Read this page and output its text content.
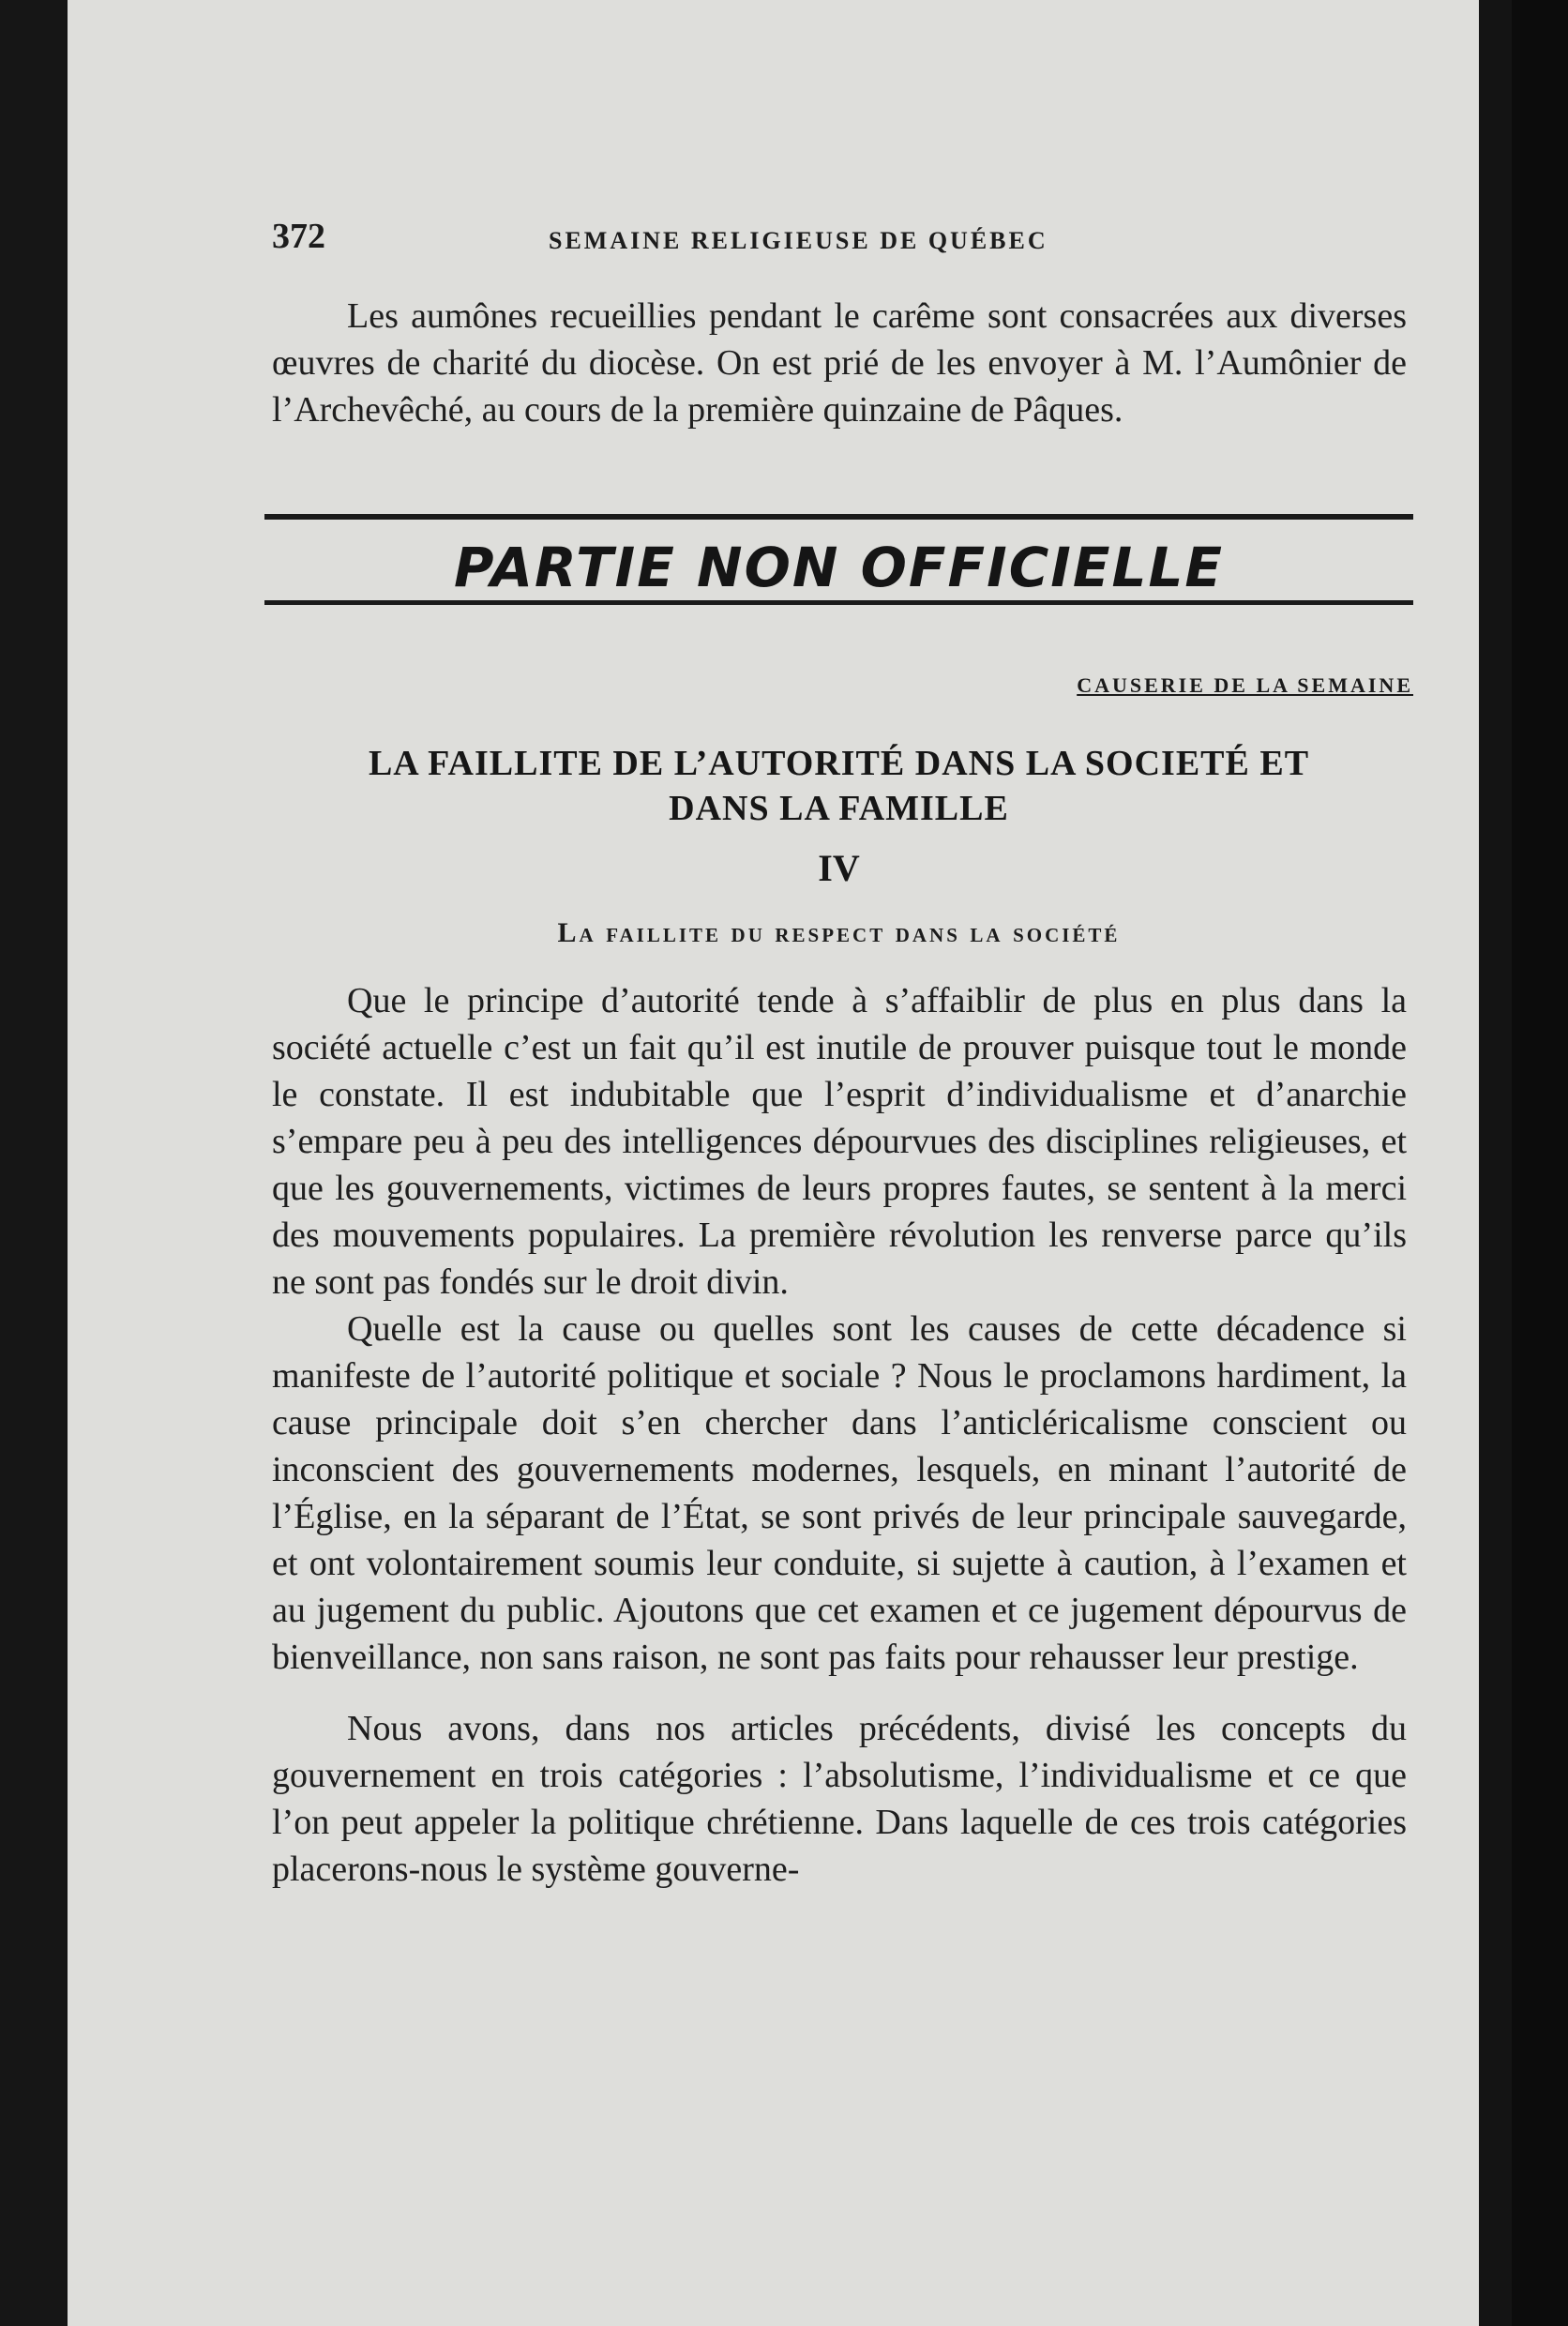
372	SEMAINE RELIGIEUSE DE QUÉBEC

Les aumônes recueillies pendant le carême sont consacrées aux diverses œuvres de charité du diocèse. On est prié de les envoyer à M. l’Aumônier de l’Archevêché, au cours de la première quinzaine de Pâques.

PARTIE NON OFFICIELLE
CAUSERIE DE LA SEMAINE
LA FAILLITE DE L’AUTORITÉ DANS LA SOCIETÉ ET
DANS LA FAMILLE
IV
La faillite du respect dans la société

Que le principe d’autorité tende à s’affaiblir de plus en plus dans la société actuelle c’est un fait qu’il est inutile de prouver puisque tout le monde le constate. Il est indubitable que l’esprit d’individualisme et d’anarchie s’empare peu à peu des intelligences dépourvues des disciplines religieuses, et que les gouvernements, victimes de leurs propres fautes, se sentent à la merci des mouvements populaires. La première révolution les renverse parce qu’ils ne sont pas fondés sur le droit divin.

Quelle est la cause ou quelles sont les causes de cette décadence si manifeste de l’autorité politique et sociale ? Nous le proclamons hardiment, la cause principale doit s’en chercher dans l’anticléricalisme conscient ou inconscient des gouvernements modernes, lesquels, en minant l’autorité de l’Église, en la séparant de l’État, se sont privés de leur principale sauvegarde, et ont volontairement soumis leur conduite, si sujette à caution, à l’examen et au jugement du public. Ajoutons que cet examen et ce jugement dépourvus de bienveillance, non sans raison, ne sont pas faits pour rehausser leur prestige.

Nous avons, dans nos articles précédents, divisé les concepts du gouvernement en trois catégories : l’absolutisme, l’individualisme et ce que l’on peut appeler la politique chrétienne. Dans laquelle de ces trois catégories placerons-nous le système gouverne-
